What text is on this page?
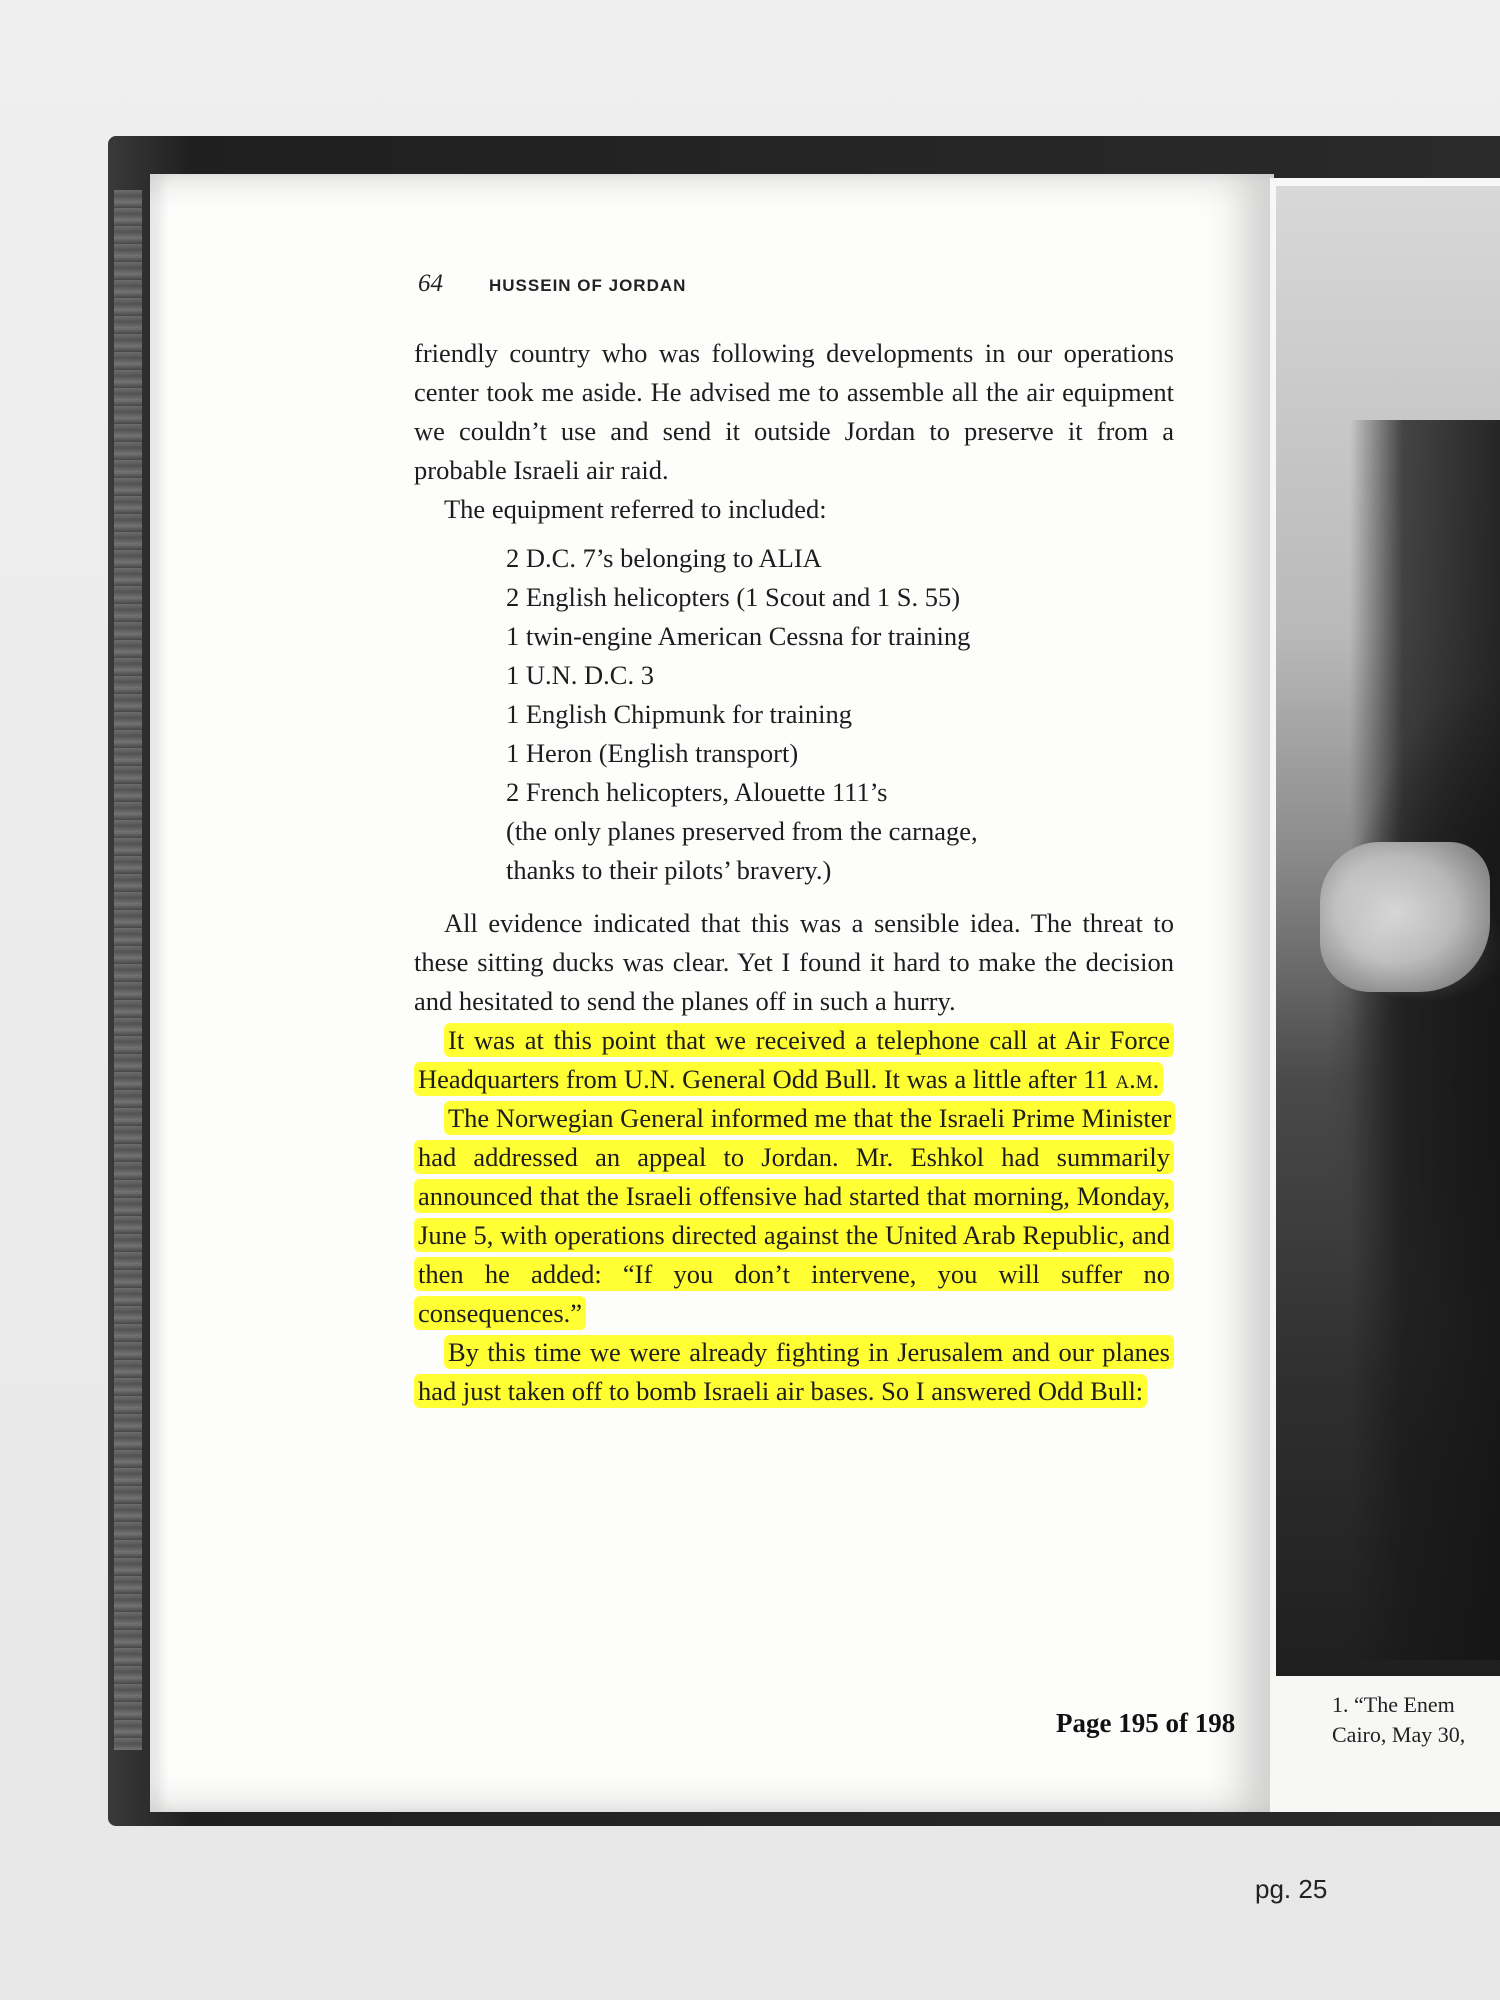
64	HUSSEIN OF JORDAN

friendly country who was following developments in our operations center took me aside. He advised me to assemble all the air equipment we couldn’t use and send it outside Jordan to preserve it from a probable Israeli air raid.

The equipment referred to included:

2 D.C. 7’s belonging to ALIA
2 English helicopters (1 Scout and 1 S. 55)
1 twin-engine American Cessna for training
1 U.N. D.C. 3
1 English Chipmunk for training
1 Heron (English transport)
2 French helicopters, Alouette 111’s
(the only planes preserved from the carnage,
thanks to their pilots’ bravery.)

All evidence indicated that this was a sensible idea. The threat to these sitting ducks was clear. Yet I found it hard to make the decision and hesitated to send the planes off in such a hurry.

It was at this point that we received a telephone call at Air Force Headquarters from U.N. General Odd Bull. It was a little after 11 a.m.

The Norwegian General informed me that the Israeli Prime Minister had addressed an appeal to Jordan. Mr. Eshkol had summarily announced that the Israeli offensive had started that morning, Monday, June 5, with operations directed against the United Arab Republic, and then he added: “If you don’t intervene, you will suffer no consequences.”

By this time we were already fighting in Jerusalem and our planes had just taken off to bomb Israeli air bases. So I answered Odd Bull:

Page 195 of 198
1. “The Enem
Cairo, May 30,
pg. 25
